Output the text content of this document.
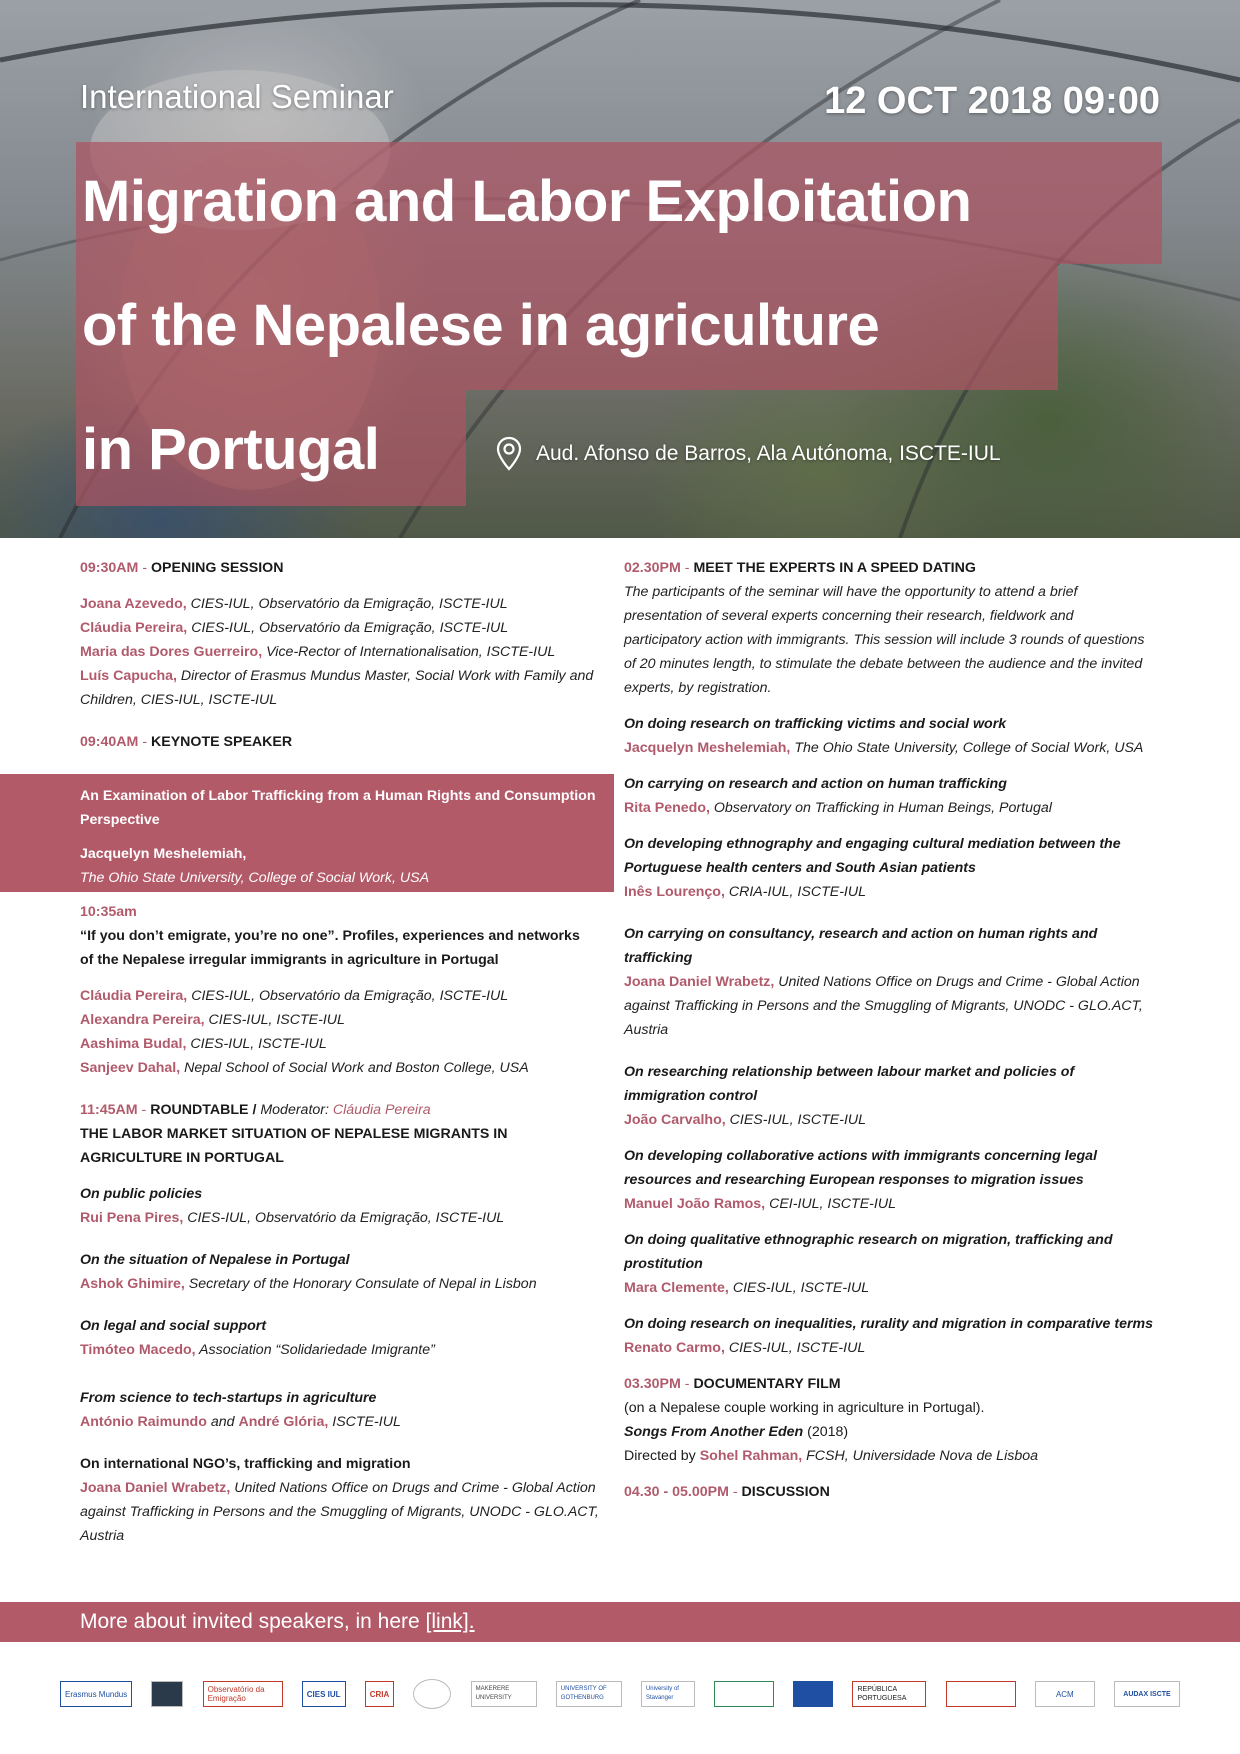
International Seminar	12 OCT 2018 09:00
Migration and Labor Exploitation
of the Nepalese in agriculture
in Portugal	Aud. Afonso de Barros, Ala Autónoma, ISCTE-IUL

09:30AM - OPENING SESSION

Joana Azevedo, CIES-IUL, Observatório da Emigração, ISCTE-IUL

Cláudia Pereira, CIES-IUL, Observatório da Emigração, ISCTE-IUL

Maria das Dores Guerreiro, Vice-Rector of Internationalisation, ISCTE-IUL

Luís Capucha, Director of Erasmus Mundus Master, Social Work with Family and Children, CIES-IUL, ISCTE-IUL

09:40AM - KEYNOTE SPEAKER

10:35am

“If you don’t emigrate, you’re no one”. Profiles, experiences and networks

of the Nepalese irregular immigrants in agriculture in Portugal

Cláudia Pereira, CIES-IUL, Observatório da Emigração, ISCTE-IUL

Alexandra Pereira, CIES-IUL, ISCTE-IUL

Aashima Budal, CIES-IUL, ISCTE-IUL

Sanjeev Dahal, Nepal School of Social Work and Boston College, USA

11:45AM - ROUNDTABLE / Moderator: Cláudia Pereira

THE LABOR MARKET SITUATION OF NEPALESE MIGRANTS IN AGRICULTURE IN PORTUGAL

On public policies

Rui Pena Pires, CIES-IUL, Observatório da Emigração, ISCTE-IUL

On the situation of Nepalese in Portugal

Ashok Ghimire, Secretary of the Honorary Consulate of Nepal in Lisbon

On legal and social support

Timóteo Macedo, Association “Solidariedade Imigrante”

From science to tech-startups in agriculture

António Raimundo and André Glória, ISCTE-IUL

On international NGO’s, trafficking and migration

Joana Daniel Wrabetz, United Nations Office on Drugs and Crime - Global Action against Trafficking in Persons and the Smuggling of Migrants, UNODC - GLO.ACT, Austria

An Examination of Labor Trafficking from a Human Rights and Consumption Perspective
Jacquelyn Meshelemiah,
The Ohio State University, College of Social Work, USA

02.30PM - MEET THE EXPERTS IN A SPEED DATING

The participants of the seminar will have the opportunity to attend a brief presentation of several experts concerning their research, fieldwork and participatory action with immigrants. This session will include 3 rounds of questions of 20 minutes length, to stimulate the debate between the audience and the invited experts, by registration.

On doing research on trafficking victims and social work

Jacquelyn Meshelemiah, The Ohio State University, College of Social Work, USA

On carrying on research and action on human trafficking

Rita Penedo, Observatory on Trafficking in Human Beings, Portugal

On developing ethnography and engaging cultural mediation between the Portuguese health centers and South Asian patients

Inês Lourenço, CRIA-IUL, ISCTE-IUL

On carrying on consultancy, research and action on human rights and trafficking

Joana Daniel Wrabetz, United Nations Office on Drugs and Crime - Global Action against Trafficking in Persons and the Smuggling of Migrants, UNODC - GLO.ACT, Austria

On researching relationship between labour market and policies of immigration control

João Carvalho, CIES-IUL, ISCTE-IUL

On developing collaborative actions with immigrants concerning legal resources and researching European responses to migration issues

Manuel João Ramos, CEI-IUL, ISCTE-IUL

On doing qualitative ethnographic research on migration, trafficking and prostitution

Mara Clemente, CIES-IUL, ISCTE-IUL

On doing research on inequalities, rurality and migration in comparative terms

Renato Carmo, CIES-IUL, ISCTE-IUL

03.30PM - DOCUMENTARY FILM

(on a Nepalese couple working in agriculture in Portugal).

Songs From Another Eden (2018)

Directed by Sohel Rahman, FCSH, Universidade Nova de Lisboa

04.30 - 05.00PM - DISCUSSION

More about invited speakers, in here [link].
Erasmus Mundus	Observatório da Emigração	CIES IUL	CRIA
MAKERERE UNIVERSITY
UNIVERSITY OF GOTHENBURG
University of Stavanger
REPÚBLICA PORTUGUESA	ACM	AUDAX ISCTE
